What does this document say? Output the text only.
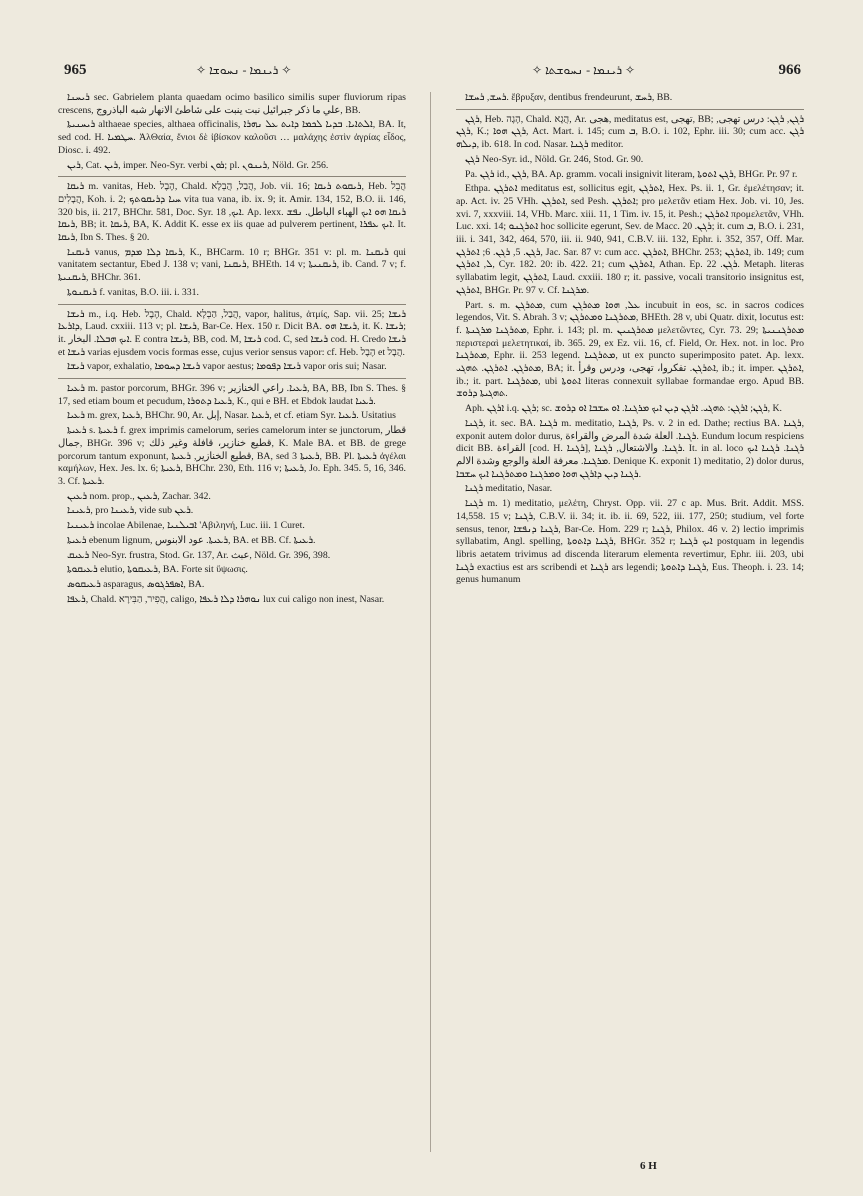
965	✧ ܪܝܢܡܐ - ܢܚܘܫܐ ✧	✧ ܪܝܢܡܐ - ܢܚܘܫܬܐ ✧	966

ܪܝܚܢܐ sec. Gabrielem planta quaedam ocimo basilico similis super fluviorum ripas crescens, علي ما ذكر جبرائيل نبت ينبت على شاطئ الانهار شبه الباذروج, BB.

ܪܝܚܢܝܬܐ althaeae species, althaea officinalis, ܐܠܬܐܝܐ. ܒܕܝܐ ܠܟܡܐ ܕܐܝܬ ܥܠ ܢܗܪܐ, BA. It, sed cod. H. ܚܛܡܝܐ. ἈλΘαία, ἔνιοι δὲ ἰβίσκον καλοῦσι … μαλάχης ἐστὶν ἀγρίας εἶδος, Diosc. i. 492.

ܪܝܢ, Cat. ܪܝܢ, imper. Neo-Syr. verbi ܪܘܢ; pl. ܪܝܢܘܢ, Nöld. Gr. 256.

ܪܝܩܐ m. vanitas, Heb. הֶבֶל, Chald. הֲבַל, הֲבְלָא, Job. vii. 16; ܪܝܩܘܬ ܪܝܩܐ, Heb. הֲבֵל הֲבָלִים, Koh. i. 2; ܚܝܐ ܕܪܝܩܘܬܟ vita tua vana, ib. ix. 9; it. Amir. 134, 152, B.O. ii. 146, 320 bis, ii. 217, BHChr. 581, Doc. Syr. ܐܝܟ, 18. Ap. lexx. ܪܝܩܐ ܗܘ ܐܝܟ الهباء الباطل. ܢܦܫ ܪܝܩܐ, BB; it. ܪܝܩܐ, BA, K. Addit K. esse ex iis quae ad pulverem pertinent, ܐܝܟ ܥܦܪܐ. It. ܪܝܩܐ, Ibn S. Thes. § 20.

ܪܝܩܢܐ vanus, ܪܝܩܐ ܕܠܐ ܡܕܡ, K., BHCarm. 10 r; BHGr. 351 v: pl. m. ܪܝܩܢܐ qui vanitatem sectantur, Ebed J. 138 v; vani, ܪܝܩܢܐ, BHEth. 14 v; ܪܝܩܢܝܬܐ, ib. Cand. 7 v; f. ܪܝܩܢܝܬܐ, BHChr. 361.

ܪܝܩܢܘܬܐ f. vanitas, B.O. iii. i. 331.

ܪܝܫܐ m., i.q. Heb. הֶבֶל, Chald. הֲבַל, הַבְלָא, vapor, halitus, ἀτμίς, Sap. vii. 25; ܪܝܫܐ ܕܐܪܥܐ, Laud. cxxiii. 113 v; pl. ܪܝܫܐ, Bar-Ce. Hex. 150 r. Dicit BA. ܪܝܫܐ ܗܘ, it. K. ܪܝܫܐ; it. ܐܝܟ ܗܒܠܐ. البخار. E contra ܪܝܫܐ, BB, cod. M, ܪܝܫܐ cod. C, sed ܪܝܫܐ cod. H. Credo ܪܝܫܐ et ܪܝܫܐ varias ejusdem vocis formas esse, cujus verior sensus vapor: cf. Heb. הֶבֶל et הֲבָל.

ܪܝܫܐ vapor, exhalatio, ܪܝܫܐ ܕܚܘܡܐ vapor aestus; ܪܝܫܐ ܕܦܘܡܐ vapor oris sui; Nasar.

ܪܥܝܐ m. pastor porcorum, BHGr. 396 v; ܪܥܝܐ. راعي الخنازير, BA, BB, Ibn S. Thes. § 17, sed etiam boum et pecudum, ܪܥܝܐ ܕܬܘܪܐ, K., qui e BH. et Ebdok laudat ܪܥܝܐ.

ܪܥܝܐ m. grex, ܪܥܝܐ, BHChr. 90, Ar. إبل, Nasar. ܪܥܝܐ, et cf. etiam Syr. ܪܥܝܐ. Usitatius

ܪܥܝܬܐ s. ܪܥܝܬܐ f. grex imprimis camelorum, series camelorum inter se junctorum, قطار جمال, BHGr. 396 v; قطيع خنازير، قافلة وغير ذلك, K. Male BA. et BB. de grege porcorum tantum exponunt, قطيع الخنازير, ܪܥܝܬܐ, BA, sed 3 ܪܥܝܬܐ, BB. Pl. ܪܥܝܬܐ ἀγέλαι καμήλων, Hex. Jes. lx. 6; ܪܥܝܬܐ, BHChr. 230, Eth. 116 v; ܪܥܝܬܐ, Jo. Eph. 345. 5, 16, 346. 3. Cf. ܪܥܝܬܐ.

ܪܥܝܢ nom. prop., ܪܥܝܢ, Zachar. 342.

ܪܥܝܢܐ, pro ܪܥܝܢܐ, vide sub ܪܥܢ.

ܪܥܝܢܝܐ incolae Abilenae, ܐܒܝܠܢܝܐ 'Αβιληνή, Luc. iii. 1 Curet.

ܪܥܝܬܐ ebenum lignum, ܪܥܝܬܐ. عود الابنوس, BA. et BB. Cf. ܪܥܝܬܐ.

ܪܥܝܩ Neo-Syr. frustra, Stod. Gr. 137, Ar. عبث, Nöld. Gr. 396, 398.

ܪܥܝܩܘܬܐ elutio, ܪܥܝܩܘܬܐ, BA. Forte sit ὕψωσις.

ܪܥܝܩܘܣ asparagus, ܐܣܦܪܓܘܣ, BA.

ܪܥܦܐ, Chald. הֲפִיר, הַבִּירָא, caligo, ܢܘܗܪܐ ܕܠܐ ܪܥܦܐ lux cui caligo non inest, Nasar.

ܪܚܫ, ܪܚܫܐ. ἔβρυξαν, dentibus frendeurunt, ܪܚܫ, BB.

ܪܓܢ, Heb. הָגָה, Chald. הֲגָא, Ar. هجى, meditatus est, تهجى, BB; ܪܓܢ, ܪܓܢ: درس تهجى, ܪܓܢ, K.; ܪܓܢ ܗܘܐ, Act. Mart. i. 145; cum ܒ, B.O. i. 102, Ephr. iii. 30; cum acc. ܪܓܢ ܕܝܠܗ, ib. 618. In cod. Nasar. ܪܓܢܐ meditor.

ܪܓܢ Neo-Syr. id., Nöld. Gr. 246, Stod. Gr. 90.

Pa. ܪܓܢ id., ܪܓܢ, BA. Ap. gramm. vocali insignivit literam, ܪܓܢ ܐܬܘܬܐ, BHGr. Pr. 97 r.

Ethpa. ܐܬܪܓܢ meditatus est, sollicitus egit, ܐܬܪܓܢ, Hex. Ps. ii. 1, Gr. ἐμελέτησαν; it. ap. Act. iv. 25 VHh. ܐܬܪܓܢ, sed Pesh. ܐܬܪܓܢ; pro μελετᾶν etiam Hex. Job. vi. 10, Jes. xvi. 7, xxxviii. 14, VHb. Marc. xiii. 11, 1 Tim. iv. 15, it. Pesh.; ܐܬܪܓܢ προμελετᾶν, VHh. Luc. xxi. 14; ܐܬܪܓܢܘ hoc sollicite egerunt, Sev. de Macc. ܪܓܢ. 20; it. cum ܒ, B.O. i. 231, iii. i. 341, 342, 464, 570, iii. ii. 940, 941, C.B.V. iii. 132, Ephr. i. 352, 357, Off. Mar. ܪܓܢ. 5, ܪܓܢ. 6; ܐܬܪܓܢ, Jac. Sar. 87 v: cum acc. ܐܬܪܓܢ, BHChr. 253; ܐܬܪܓܢ, ib. 149; cum ܠ, ܐܬܪܓܢ, Cyr. 182. 20: ib. 422. 21; cum ܐܬܪܓܢ, Athan. Ep. ܪܓܢ. 22. Metaph. literas syllabatim legit, ܐܬܪܓܢ, Laud. cxxiii. 180 r; it. passive, vocali transitorio insignitus est, ܐܬܪܓܢ, BHGr. Pr. 97 v. Cf. ܡܪܓܢܐ.

Part. s. m. ܡܬܪܓܢ, cum ܥܠ, ܗܘܐ ܡܬܪܓܢ incubuit in eos, sc. in sacros codices legendos, Vit. S. Abrah. 3 v; ܡܬܪܓܢܐ ܘܡܬܪܓܢ, BHEth. 28 v, ubi Quatr. dixit, locutus est: f. ܡܬܪܓܢܐ ܡܪܓܢܬܐ, Ephr. i. 143; pl. m. ܡܬܪܓܢܝܢ μελετῶντες, Cyr. 73. 29; ܡܬܪܓܢܢܝܬܐ περιστεραὶ μελετητικαί, ib. 365. 29, ex Ez. vii. 16, cf. Field, Or. Hex. not. in loc. Pro ܡܬܪܓܢܐ, Ephr. ii. 253 legend. ܡܬܪܓܢܐ, ut ex puncto superimposito patet. Ap. lexx. ܡܬܪܓܢ. ܐܬܪܓܢ. ܬܗܓܝ, BA; it. ܐܬܪܓܢ. تفكروا، تهجى، ودرس وقرأ, ib.; it. imper. ܐܬܪܓܢ, ib.; it. part. ܡܬܪܓܢܐ, ubi ܐܬܘܬܐ literas connexuit syllabae formandae ergo. Apud BB. ܬܗܓܝܬܐ ܕܪܘܫ.

Aph. ܐܪܓܢ i.q. ܪܓܢ; sc. ܪܓܢ; ܐܪܓܢ: ܬܗܓܝ. ܐܪܓܢ ܕܝܢ ܐܝܟ ܡܪܓܢܐ. ܐܘ ܚܫܒܐ ܐܘ ܕܪܘܫ, K.

ܪܓܢܐ, it. sec. BA. ܪܓܢܐ m. meditatio, ܪܓܢܐ, Ps. v. 2 in ed. Dathe; rectius BA. ܪܓܢܐ, exponit autem dolor durus, ܪܓܢܐ. العلة شدة المرض والقراءة. Eundum locum respiciens dicit BB. القراءة [cod. H. ܪܓܢܐ], ܪܓܢܐ. والاشتعال, ܪܓܢܐ. It. in al. loco ܪܓܢܐ. ܪܓܢܐ ܐܝܟ ܡܪܓܢܐ. معرفة العلة والوجع وشدة الالم. Denique K. exponit 1) meditatio, 2) dolor durus, ܪܓܢܐ ܕܝܢ ܕܐܪܓܢ ܗܘܐ ܘܡܪܓܢܐ ܘܡܬܪܓܢܐ ܐܝܟ ܚܫܒܐ.

ܪܓܢܐ meditatio, Nasar.

ܪܓܢܐ m. 1) meditatio, μελέτη, Chryst. Opp. vii. 27 c ap. Mus. Brit. Addit. MSS. 14,558. 15 v; ܪܓܢܐ, C.B.V. ii. 34; it. ib. ii. 69, 522, iii. 177, 250; studium, vel forte sensus, tenor, ܪܓܢܐ ܕܢܦܫܐ, Bar-Ce. Hom. 229 r; ܪܓܢܐ, Philox. 46 v. 2) lectio imprimis syllabatim, Angl. spelling, ܪܓܢܐ ܕܐܬܘܬܐ, BHGr. 352 r; ܐܝܟ ܪܓܢܐ postquam in legendis libris aetatem trivimus ad discenda literarum elementa revertimur, Ephr. iii. 203, ubi ܪܓܢܐ exactius est ars scribendi et ܪܓܢܐ ars legendi; ܪܓܢܐ ܕܐܬܘܬܐ, Eus. Theoph. i. 23. 14; genus humanum

6 H
